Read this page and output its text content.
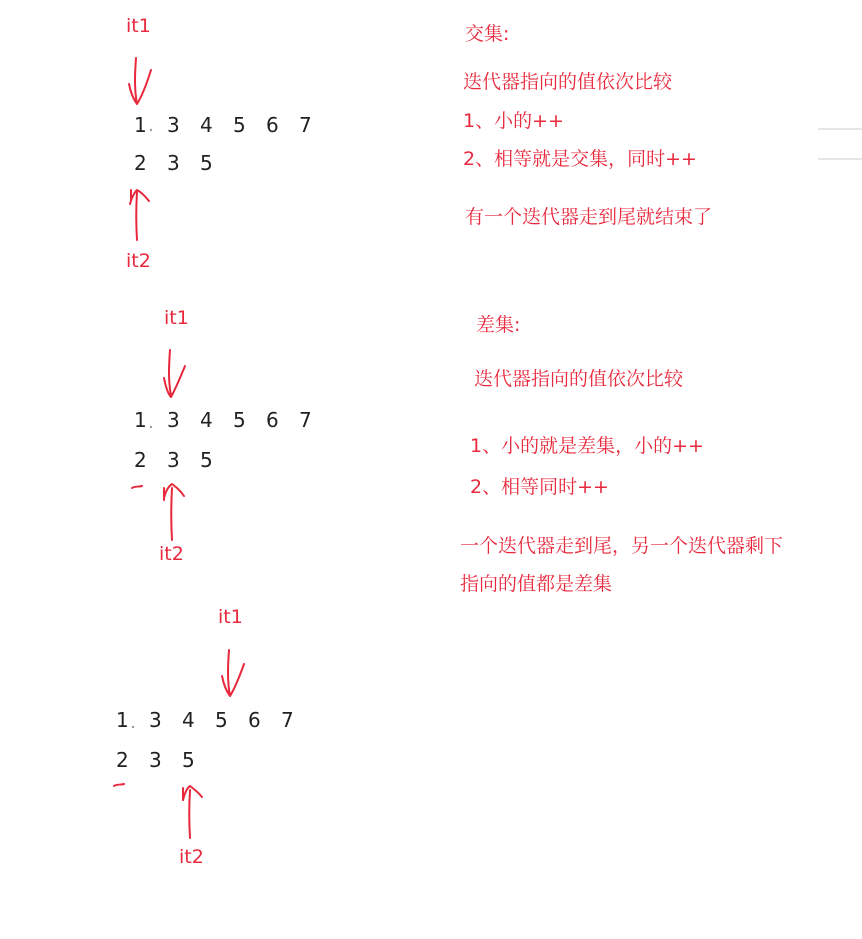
it1
it2
1 3 4 5 6 7
2 3 5
it1
it2
1 3 4 5 6 7
2 3 5
it1
it2
1 3 4 5 6 7
2 3 5
交集:
迭代器指向的值依次比较
1、小的++
2、相等就是交集，同时++
有一个迭代器走到尾就结束了
差集:
迭代器指向的值依次比较
1、小的就是差集，小的++
2、相等同时++
一个迭代器走到尾，另一个迭代器剩下
指向的值都是差集
